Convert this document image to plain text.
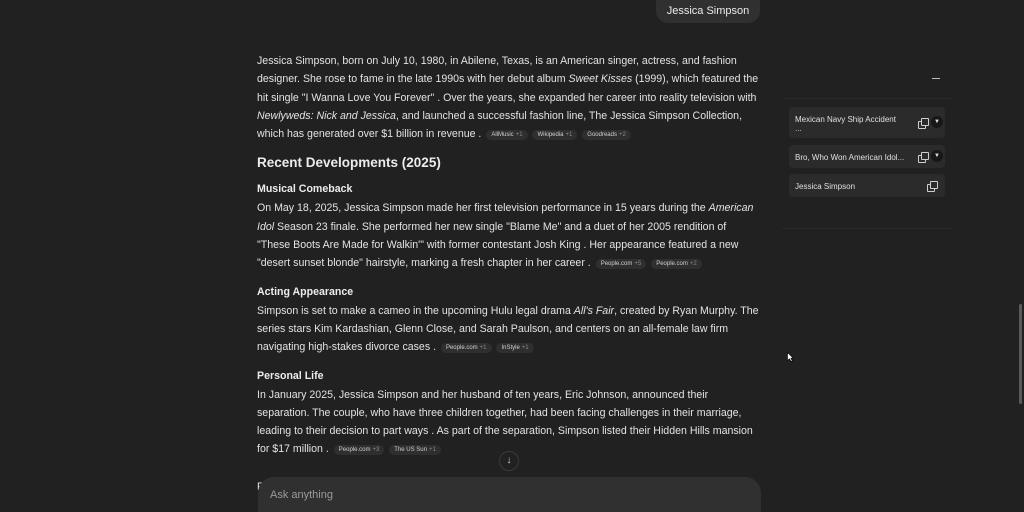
Jessica Simpson

Jessica Simpson, born on July 10, 1980, in Abilene, Texas, is an American singer, actress, and fashion designer. She rose to fame in the late 1990s with her debut album Sweet Kisses (1999), which featured the hit single "I Wanna Love You Forever" . Over the years, she expanded her career into reality television with Newlyweds: Nick and Jessica, and launched a successful fashion line, The Jessica Simpson Collection, which has generated over $1 billion in revenue . AllMusic +1 Wikipedia +1 Goodreads +2

Recent Developments (2025)
Musical Comeback

On May 18, 2025, Jessica Simpson made her first television performance in 15 years during the American Idol Season 23 finale. She performed her new single "Blame Me" and a duet of her 2005 rendition of "These Boots Are Made for Walkin'" with former contestant Josh King . Her appearance featured a new "desert sunset blonde" hairstyle, marking a fresh chapter in her career . People.com +5 People.com +2

Acting Appearance

Simpson is set to make a cameo in the upcoming Hulu legal drama All's Fair, created by Ryan Murphy. The series stars Kim Kardashian, Glenn Close, and Sarah Paulson, and centers on an all-female law firm navigating high-stakes divorce cases . People.com +1 InStyle +1

Personal Life

In January 2025, Jessica Simpson and her husband of ten years, Eric Johnson, announced their separation. The couple, who have three children together, had been facing challenges in their marriage, leading to their decision to part ways . As part of the separation, Simpson listed their Hidden Hills mansion for $17 million . People.com +3 The US Sun +1

↓
Ask anything
Mexican Navy Ship Accident
...
▼
Bro, Who Won American Idol...	▼
Jessica Simpson
